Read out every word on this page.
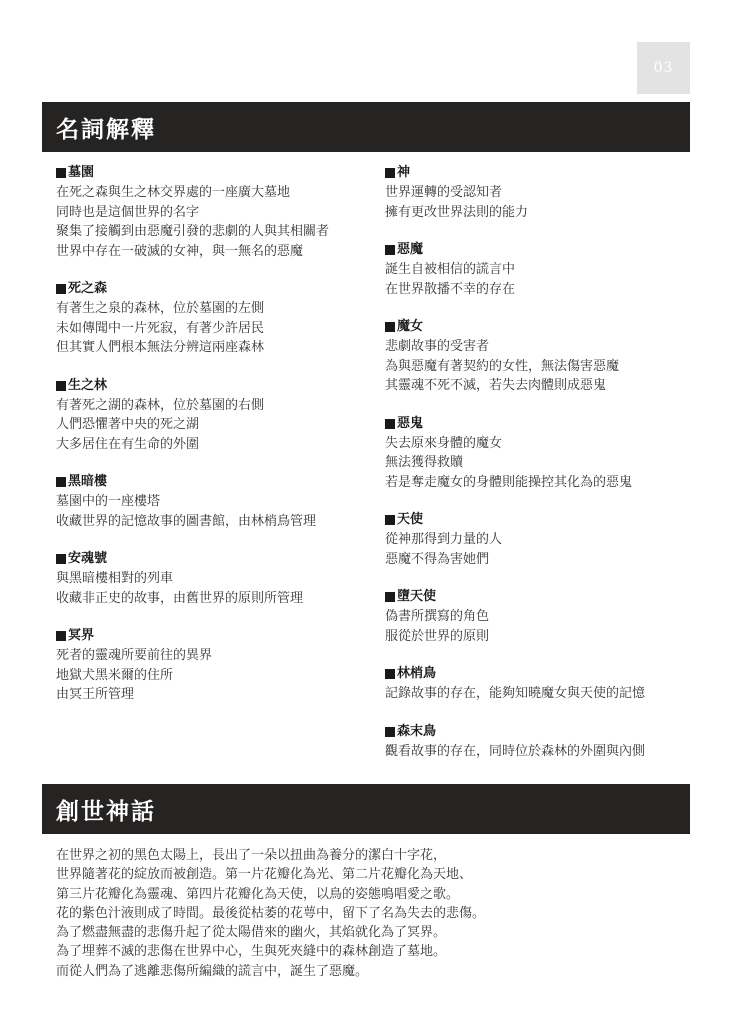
03
名詞解釋
墓園
在死之森與生之林交界處的一座廣大墓地
同時也是這個世界的名字
聚集了接觸到由惡魔引發的悲劇的人與其相關者
世界中存在一破滅的女神，與一無名的惡魔
死之森
有著生之泉的森林，位於墓園的左側
未如傳聞中一片死寂，有著少許居民
但其實人們根本無法分辨這兩座森林
生之林
有著死之湖的森林，位於墓園的右側
人們恐懼著中央的死之湖
大多居住在有生命的外圍
黑暗樓
墓園中的一座樓塔
收藏世界的記憶故事的圖書館，由林梢鳥管理
安魂號
與黑暗樓相對的列車
收藏非正史的故事，由舊世界的原則所管理
冥界
死者的靈魂所要前往的異界
地獄犬黑米爾的住所
由冥王所管理
神
世界運轉的受認知者
擁有更改世界法則的能力
惡魔
誕生自被相信的謊言中
在世界散播不幸的存在
魔女
悲劇故事的受害者
為與惡魔有著契約的女性，無法傷害惡魔
其靈魂不死不滅，若失去肉體則成惡鬼
惡鬼
失去原來身體的魔女
無法獲得救贖
若是奪走魔女的身體則能操控其化為的惡鬼
天使
從神那得到力量的人
惡魔不得為害她們
墮天使
偽書所撰寫的角色
服從於世界的原則
林梢鳥
記錄故事的存在，能夠知曉魔女與天使的記憶
森末鳥
觀看故事的存在，同時位於森林的外圍與內側
創世神話
在世界之初的黑色太陽上，長出了一朵以扭曲為養分的潔白十字花，
世界隨著花的綻放而被創造。第一片花瓣化為光、第二片花瓣化為天地、
第三片花瓣化為靈魂、第四片花瓣化為天使，以鳥的姿態鳴唱愛之歌。
花的紫色汁液則成了時間。最後從枯萎的花萼中，留下了名為失去的悲傷。
為了燃盡無盡的悲傷升起了從太陽借來的幽火，其焰就化為了冥界。
為了埋葬不滅的悲傷在世界中心，生與死夾縫中的森林創造了墓地。
而從人們為了逃離悲傷所編織的謊言中，誕生了惡魔。
